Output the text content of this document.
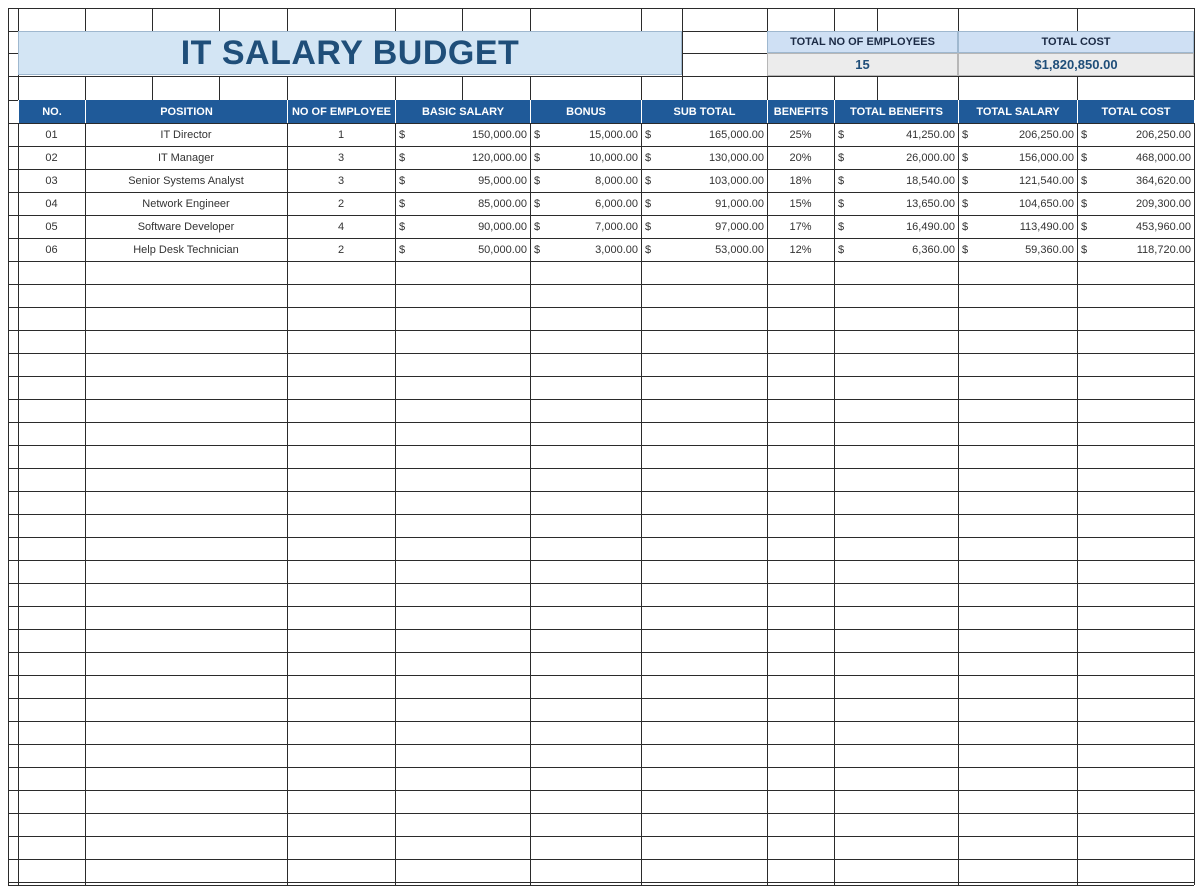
IT SALARY BUDGET	TOTAL NO OF EMPLOYEES	TOTAL COST
15	$1,820,850.00
NO.	POSITION	NO OF EMPLOYEE	BASIC SALARY	BONUS	SUB TOTAL	BENEFITS	TOTAL BENEFITS	TOTAL SALARY	TOTAL COST
01	IT Director	1	$	150,000.00 $	15,000.00 $	165,000.00	25%	$	41,250.00 $	206,250.00 $	206,250.00
02	IT Manager	3	$	120,000.00 $	10,000.00 $	130,000.00	20%	$	26,000.00 $	156,000.00 $	468,000.00
03	Senior Systems Analyst	3	$	95,000.00 $	8,000.00 $	103,000.00	18%	$	18,540.00 $	121,540.00 $	364,620.00
04	Network Engineer	2	$	85,000.00 $	6,000.00 $	91,000.00	15%	$	13,650.00 $	104,650.00 $	209,300.00
05	Software Developer	4	$	90,000.00 $	7,000.00 $	97,000.00	17%	$	16,490.00 $	113,490.00 $	453,960.00
06	Help Desk Technician	2	$	50,000.00 $	3,000.00 $	53,000.00	12%	$	6,360.00 $	59,360.00 $	118,720.00
